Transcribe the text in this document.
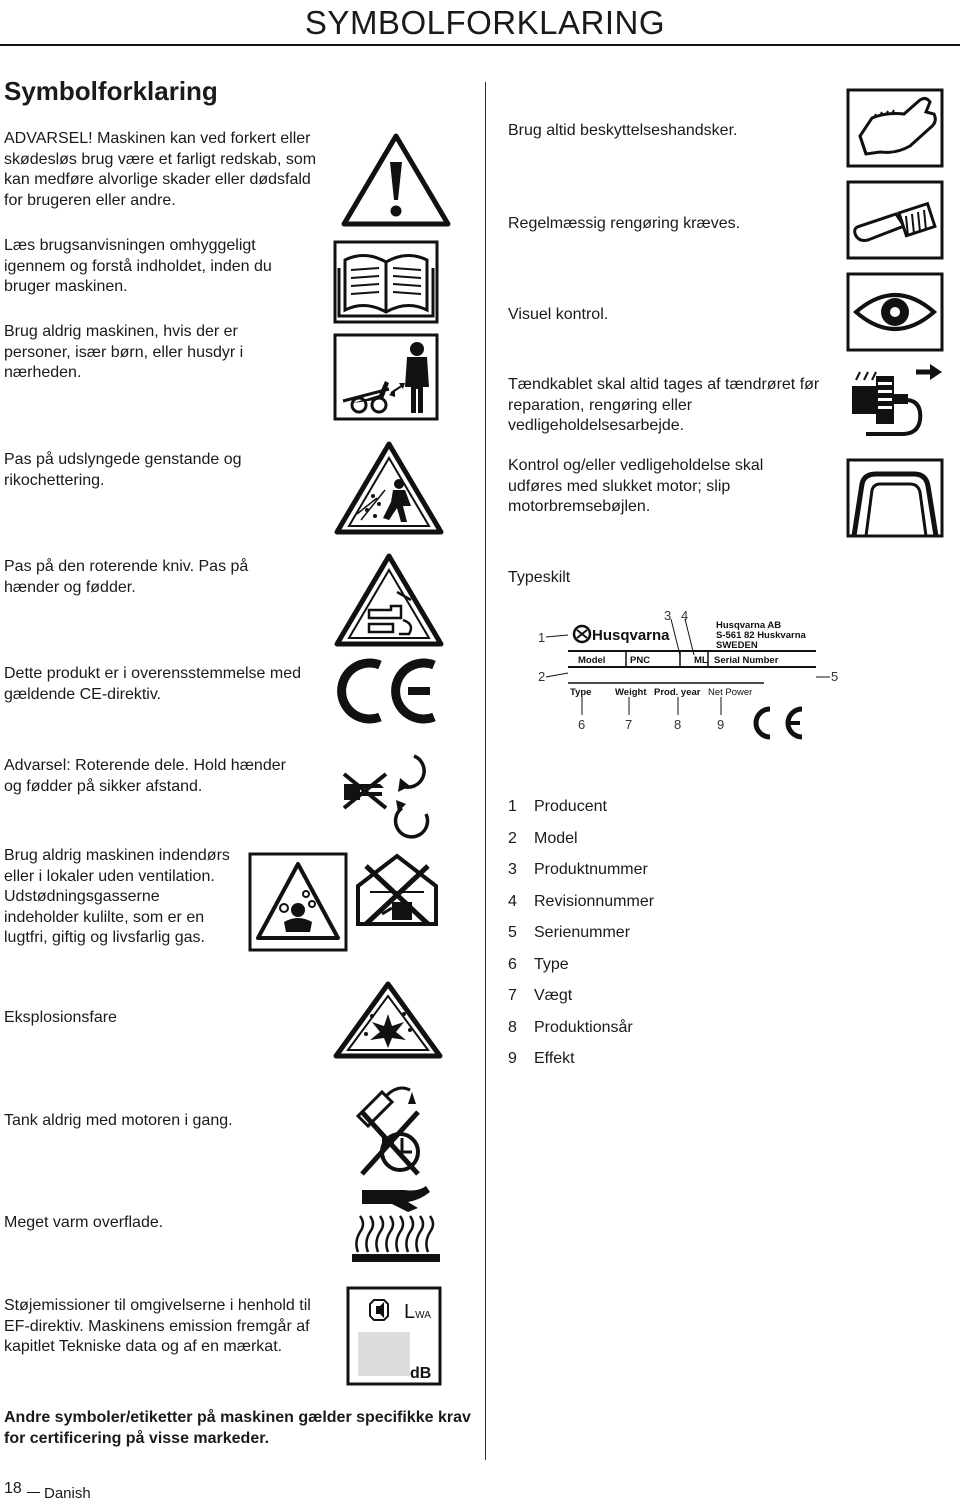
SYMBOLFORKLARING
Symbolforklaring
ADVARSEL! Maskinen kan ved forkert eller skødesløs brug være et farligt redskab, som kan medføre alvorlige skader eller dødsfald for brugeren eller andre.
Læs brugsanvisningen omhyggeligt igennem og forstå indholdet, inden du bruger maskinen.
Brug aldrig maskinen, hvis der er personer, især børn, eller husdyr i nærheden.
Pas på udslyngede genstande og rikochettering.
Pas på den roterende kniv. Pas på hænder og fødder.
Dette produkt er i overensstemmelse med gældende CE-direktiv.
Advarsel: Roterende dele. Hold hænder og fødder på sikker afstand.
Brug aldrig maskinen indendørs eller i lokaler uden ventilation. Udstødningsgasserne indeholder kulilte, som er en lugtfri, giftig og livsfarlig gas.
Eksplosionsfare
Tank aldrig med motoren i gang.
Meget varm overflade.
Støjemissioner til omgivelserne i henhold til EF-direktiv. Maskinens emission fremgår af kapitlet Tekniske data og af en mærkat.
Andre symboler/etiketter på maskinen gælder specifikke krav for certificering på visse markeder.
Brug altid beskyttelseshandsker.
Regelmæssig rengøring kræves.
Visuel kontrol.
Tændkablet skal altid tages af tændrøret før reparation, rengøring eller vedligeholdelsesarbejde.
Kontrol og/eller vedligeholdelse skal udføres med slukket motor; slip motorbremsebøjlen.
Typeskilt
1 Producent
2 Model
3 Produktnummer
4 Revisionnummer
5 Serienummer
6 Type
7 Vægt
8 Produktionsår
9 Effekt
LWA
dB
Husqvarna
Husqvarna AB
S-561 82 Huskvarna
SWEDEN
Model	PNC	ML Serial Number
Type Weight Prod. year Net Power
1
2
3 4
5
6	7	8	9
18 Danish
